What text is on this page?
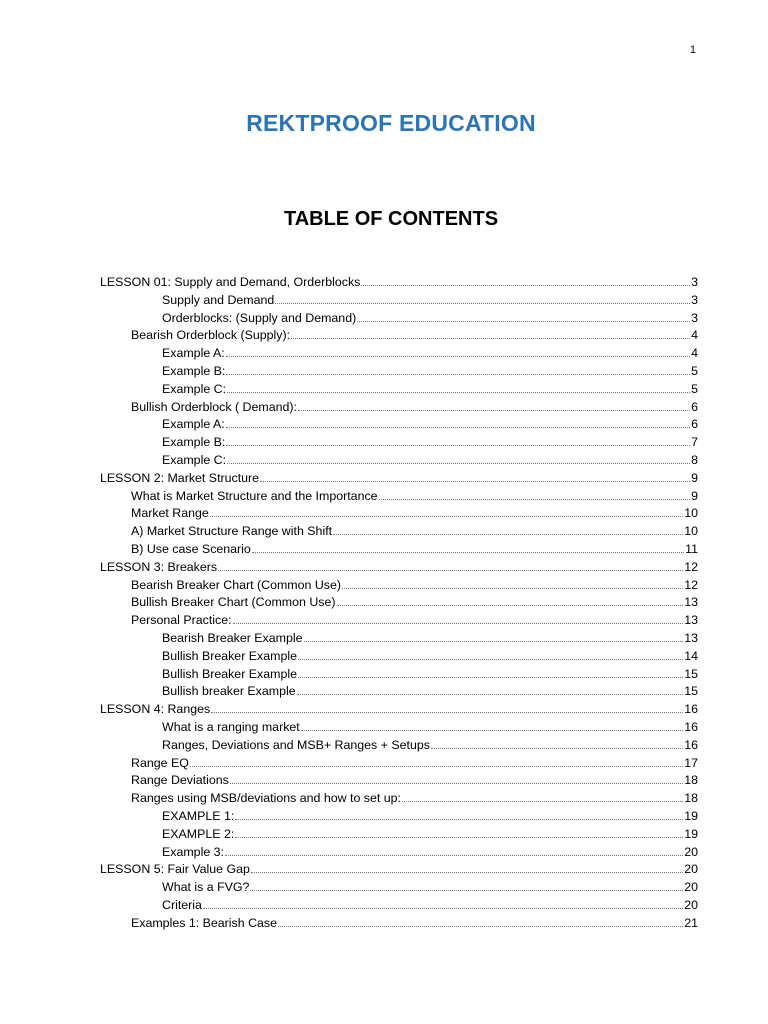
1
REKTPROOF EDUCATION
TABLE OF CONTENTS
LESSON 01: Supply and Demand, Orderblocks	3
Supply and Demand	3
Orderblocks: (Supply and Demand)	3
Bearish Orderblock (Supply):	4
Example A:	4
Example B:	5
Example C:	5
Bullish Orderblock ( Demand):	6
Example A:	6
Example B:	7
Example C:	8
LESSON 2: Market Structure	9
What is Market Structure and the Importance	9
Market Range	10
A) Market Structure Range with Shift	10
B) Use case Scenario	11
LESSON 3: Breakers	12
Bearish Breaker Chart (Common Use)	12
Bullish Breaker Chart (Common Use)	13
Personal Practice:	13
Bearish Breaker Example	13
Bullish Breaker Example	14
Bullish Breaker Example	15
Bullish breaker Example	15
LESSON 4: Ranges	16
What is a ranging market	16
Ranges, Deviations and MSB+ Ranges + Setups	16
Range EQ	17
Range Deviations	18
Ranges using MSB/deviations and how to set up:	18
EXAMPLE 1:	19
EXAMPLE 2:	19
Example 3:	20
LESSON 5: Fair Value Gap	20
What is a FVG?	20
Criteria	20
Examples 1: Bearish Case	21
